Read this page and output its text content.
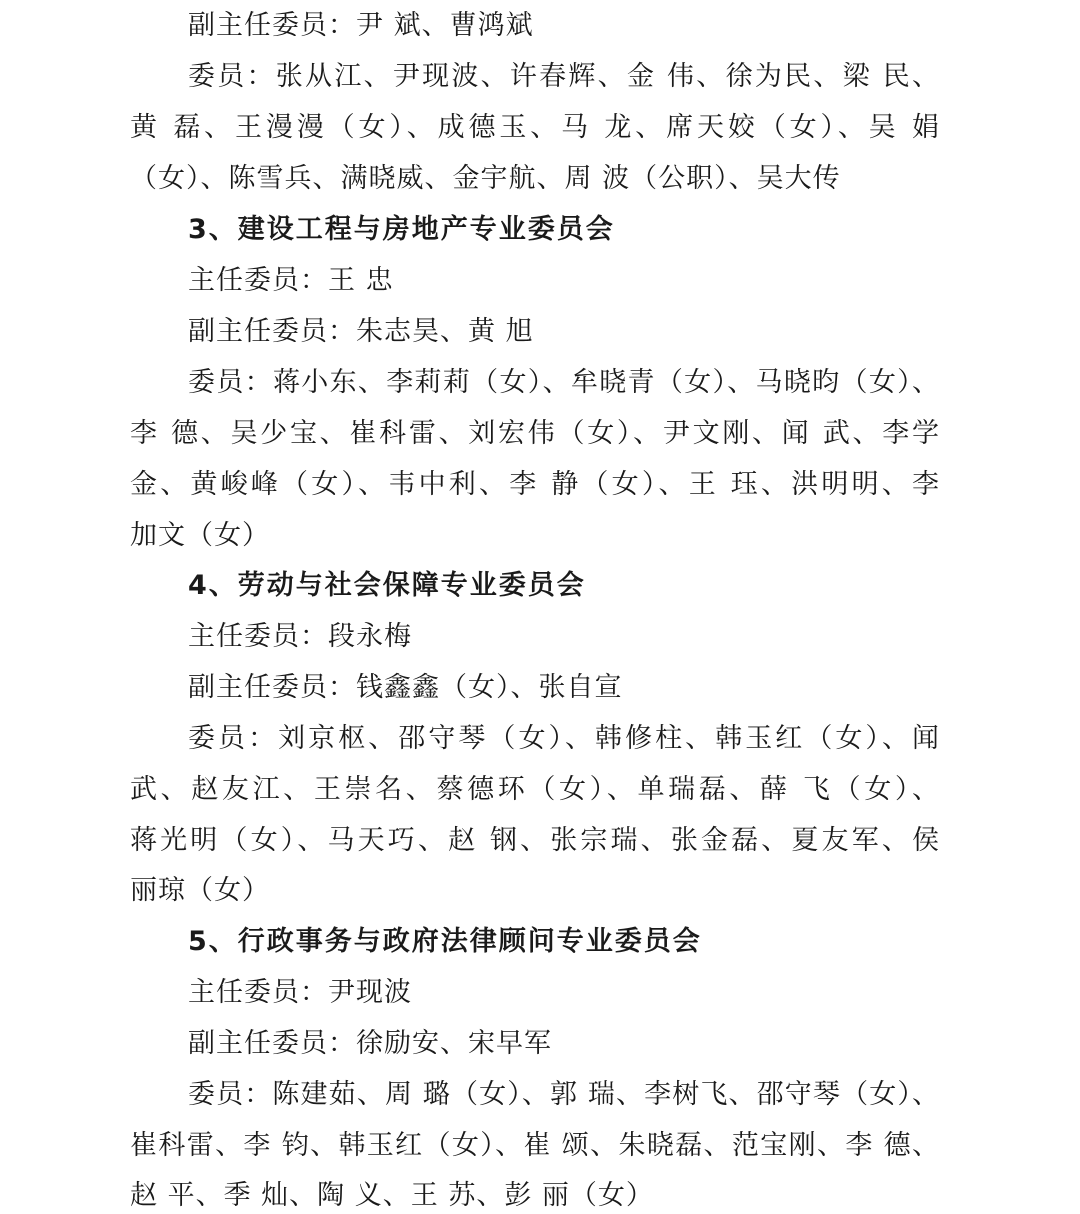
副主任委员：尹 斌、曹鸿斌
委员：张从江、尹现波、许春辉、金 伟、徐为民、梁 民、
黄 磊、王漫漫（女）、成德玉、马 龙、席天姣（女）、吴 娟
（女）、陈雪兵、满晓威、金宇航、周 波（公职）、吴大传
3、建设工程与房地产专业委员会
主任委员：王 忠
副主任委员：朱志昊、黄 旭
委员：蒋小东、李莉莉（女）、牟晓青（女）、马晓昀（女）、
李 德、吴少宝、崔科雷、刘宏伟（女）、尹文刚、闻 武、李学
金、黄峻峰（女）、韦中利、李 静（女）、王 珏、洪明明、李
加文（女）
4、劳动与社会保障专业委员会
主任委员：段永梅
副主任委员：钱鑫鑫（女）、张自宣
委员：刘京枢、邵守琴（女）、韩修柱、韩玉红（女）、闻
武、赵友江、王崇名、蔡德环（女）、单瑞磊、薛 飞（女）、
蒋光明（女）、马天巧、赵 钢、张宗瑞、张金磊、夏友军、侯
丽琼（女）
5、行政事务与政府法律顾问专业委员会
主任委员：尹现波
副主任委员：徐励安、宋早军
委员：陈建茹、周 璐（女）、郭 瑞、李树飞、邵守琴（女）、
崔科雷、李 钧、韩玉红（女）、崔 颂、朱晓磊、范宝刚、李 德、
赵 平、季 灿、陶 义、王 苏、彭 丽（女）
